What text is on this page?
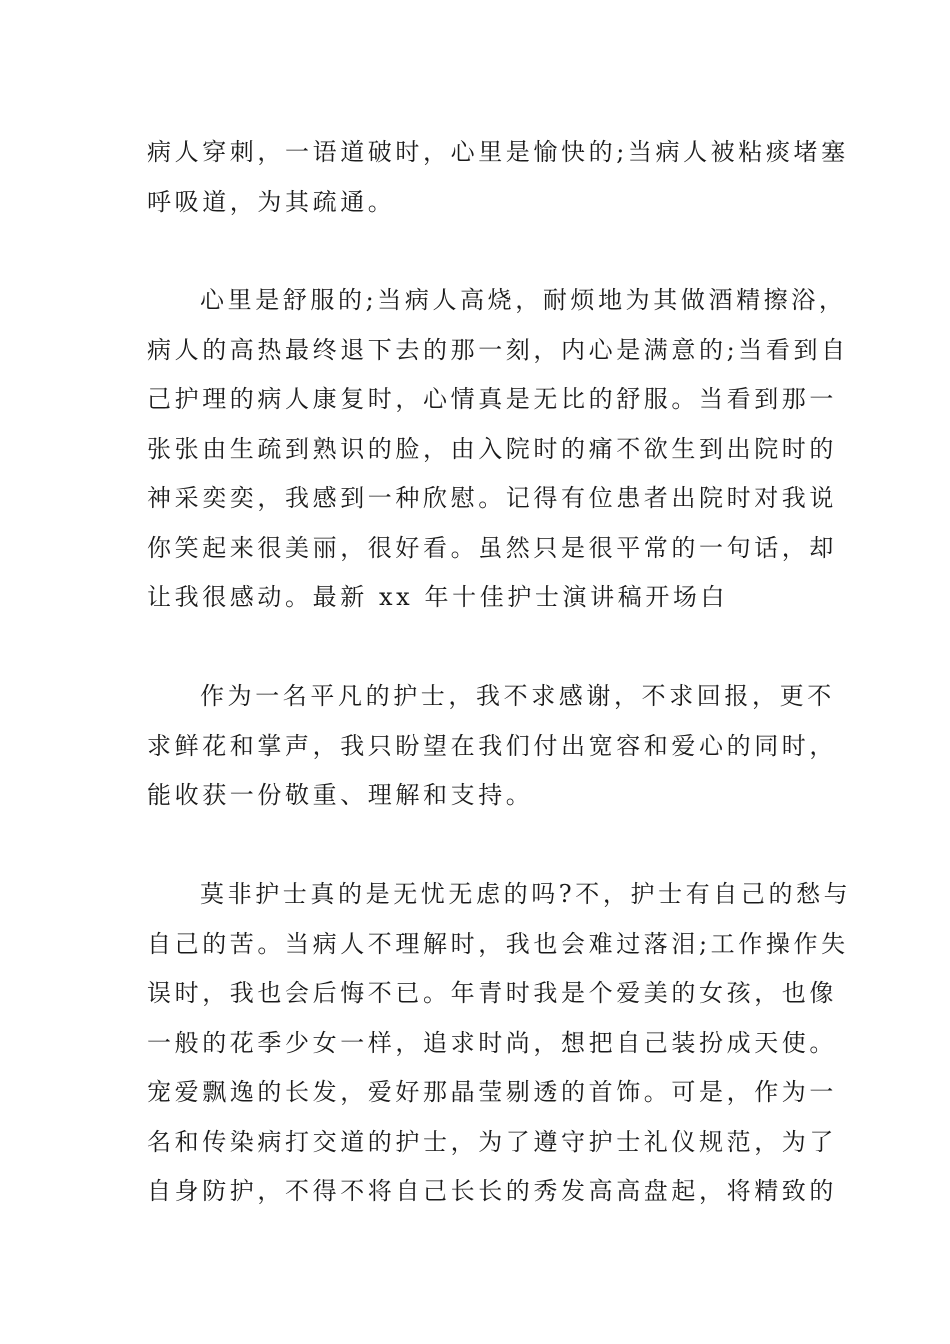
病人穿刺，一语道破时，心里是愉快的;当病人被粘痰堵塞
呼吸道，为其疏通。
心里是舒服的;当病人高烧，耐烦地为其做酒精擦浴，
病人的高热最终退下去的那一刻，内心是满意的;当看到自
己护理的病人康复时，心情真是无比的舒服。当看到那一
张张由生疏到熟识的脸，由入院时的痛不欲生到出院时的
神采奕奕，我感到一种欣慰。记得有位患者出院时对我说
你笑起来很美丽，很好看。虽然只是很平常的一句话，却
让我很感动。最新 xx 年十佳护士演讲稿开场白
作为一名平凡的护士，我不求感谢，不求回报，更不
求鲜花和掌声，我只盼望在我们付出宽容和爱心的同时，
能收获一份敬重、理解和支持。
莫非护士真的是无忧无虑的吗?不，护士有自己的愁与
自己的苦。当病人不理解时，我也会难过落泪;工作操作失
误时，我也会后悔不已。年青时我是个爱美的女孩，也像
一般的花季少女一样，追求时尚，想把自己装扮成天使。
宠爱飘逸的长发，爱好那晶莹剔透的首饰。可是，作为一
名和传染病打交道的护士，为了遵守护士礼仪规范，为了
自身防护，不得不将自己长长的秀发高高盘起，将精致的
